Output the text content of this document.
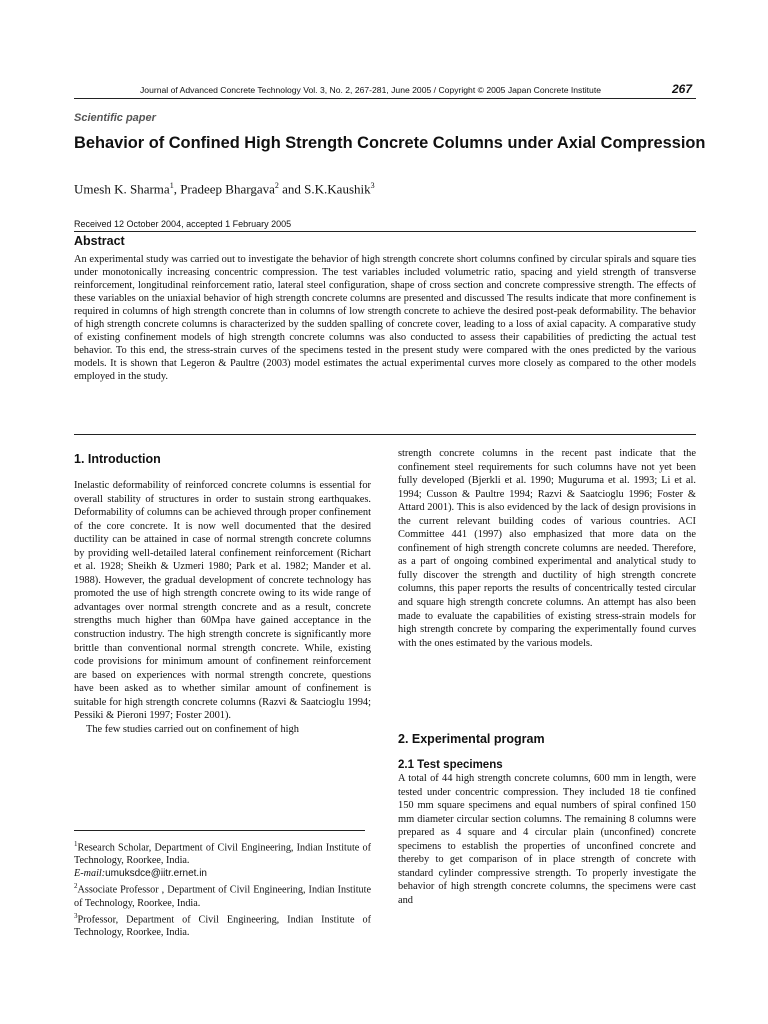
Journal of Advanced Concrete Technology Vol. 3, No. 2, 267-281, June 2005 / Copyright © 2005 Japan Concrete Institute	267
Scientific paper
Behavior of Confined High Strength Concrete Columns under Axial Compression
Umesh K. Sharma$^1$, Pradeep Bhargava$^2$ and S.K.Kaushik$^3$
Received 12 October 2004, accepted 1 February 2005
Abstract
An experimental study was carried out to investigate the behavior of high strength concrete short columns confined by circular spirals and square ties under monotonically increasing concentric compression. The test variables included volumetric ratio, spacing and yield strength of transverse reinforcement, longitudinal reinforcement ratio, lateral steel configuration, shape of cross section and concrete compressive strength. The effects of these variables on the uniaxial behavior of high strength concrete columns are presented and discussed The results indicate that more confinement is required in columns of high strength concrete than in columns of low strength concrete to achieve the desired post-peak deformability. The behavior of high strength concrete columns is characterized by the sudden spalling of concrete cover, leading to a loss of axial capacity. A comparative study of existing confinement models of high strength concrete columns was also conducted to assess their capabilities of predicting the actual test behavior. To this end, the stress-strain curves of the specimens tested in the present study were compared with the ones predicted by the various models. It is shown that Legeron & Paultre (2003) model estimates the actual experimental curves more closely as compared to the other models employed in the study.
1. Introduction

Inelastic deformability of reinforced concrete columns is essential for overall stability of structures in order to sustain strong earthquakes. Deformability of columns can be achieved through proper confinement of the core concrete. It is now well documented that the desired ductility can be attained in case of normal strength concrete columns by providing well-detailed lateral confinement reinforcement (Richart et al. 1928; Sheikh & Uzmeri 1980; Park et al. 1982; Mander et al. 1988). However, the gradual development of concrete technology has promoted the use of high strength concrete owing to its wide range of advantages over normal strength concrete and as a result, concrete strengths much higher than 60Mpa have gained acceptance in the construction industry. The high strength concrete is significantly more brittle than conventional normal strength concrete. While, existing code provisions for minimum amount of confinement reinforcement are based on experiences with normal strength concrete, questions have been asked as to whether similar amount of confinement is suitable for high strength concrete columns (Razvi & Saatcioglu 1994; Pessiki & Pieroni 1997; Foster 2001).

The few studies carried out on confinement of high

$^1$Research Scholar, Department of Civil Engineering, Indian Institute of Technology, Roorkee, India.

E-mail:umuksdce@iitr.ernet.in

$^2$Associate Professor , Department of Civil Engineering, Indian Institute of Technology, Roorkee, India.

$^3$Professor, Department of Civil Engineering, Indian Institute of Technology, Roorkee, India.

strength concrete columns in the recent past indicate that the confinement steel requirements for such columns have not yet been fully developed (Bjerkli et al. 1990; Muguruma et al. 1993; Li et al. 1994; Cusson & Paultre 1994; Razvi & Saatcioglu 1996; Foster & Attard 2001). This is also evidenced by the lack of design provisions in the current relevant building codes of various countries. ACI Committee 441 (1997) also emphasized that more data on the confinement of high strength concrete columns are needed. Therefore, as a part of ongoing combined experimental and analytical study to fully discover the strength and ductility of high strength concrete columns, this paper reports the results of concentrically tested circular and square high strength concrete columns. An attempt has also been made to evaluate the capabilities of existing stress-strain models for high strength concrete by comparing the experimentally found curves with the ones estimated by the various models.

2. Experimental program
2.1 Test specimens

A total of 44 high strength concrete columns, 600 mm in length, were tested under concentric compression. They included 18 tie confined 150 mm square specimens and equal numbers of spiral confined 150 mm diameter circular section columns. The remaining 8 columns were prepared as 4 square and 4 circular plain (unconfined) concrete specimens to establish the properties of unconfined concrete and thereby to get comparison of in place strength of concrete with standard cylinder compressive strength. To properly investigate the behavior of high strength concrete columns, the specimens were cast and
